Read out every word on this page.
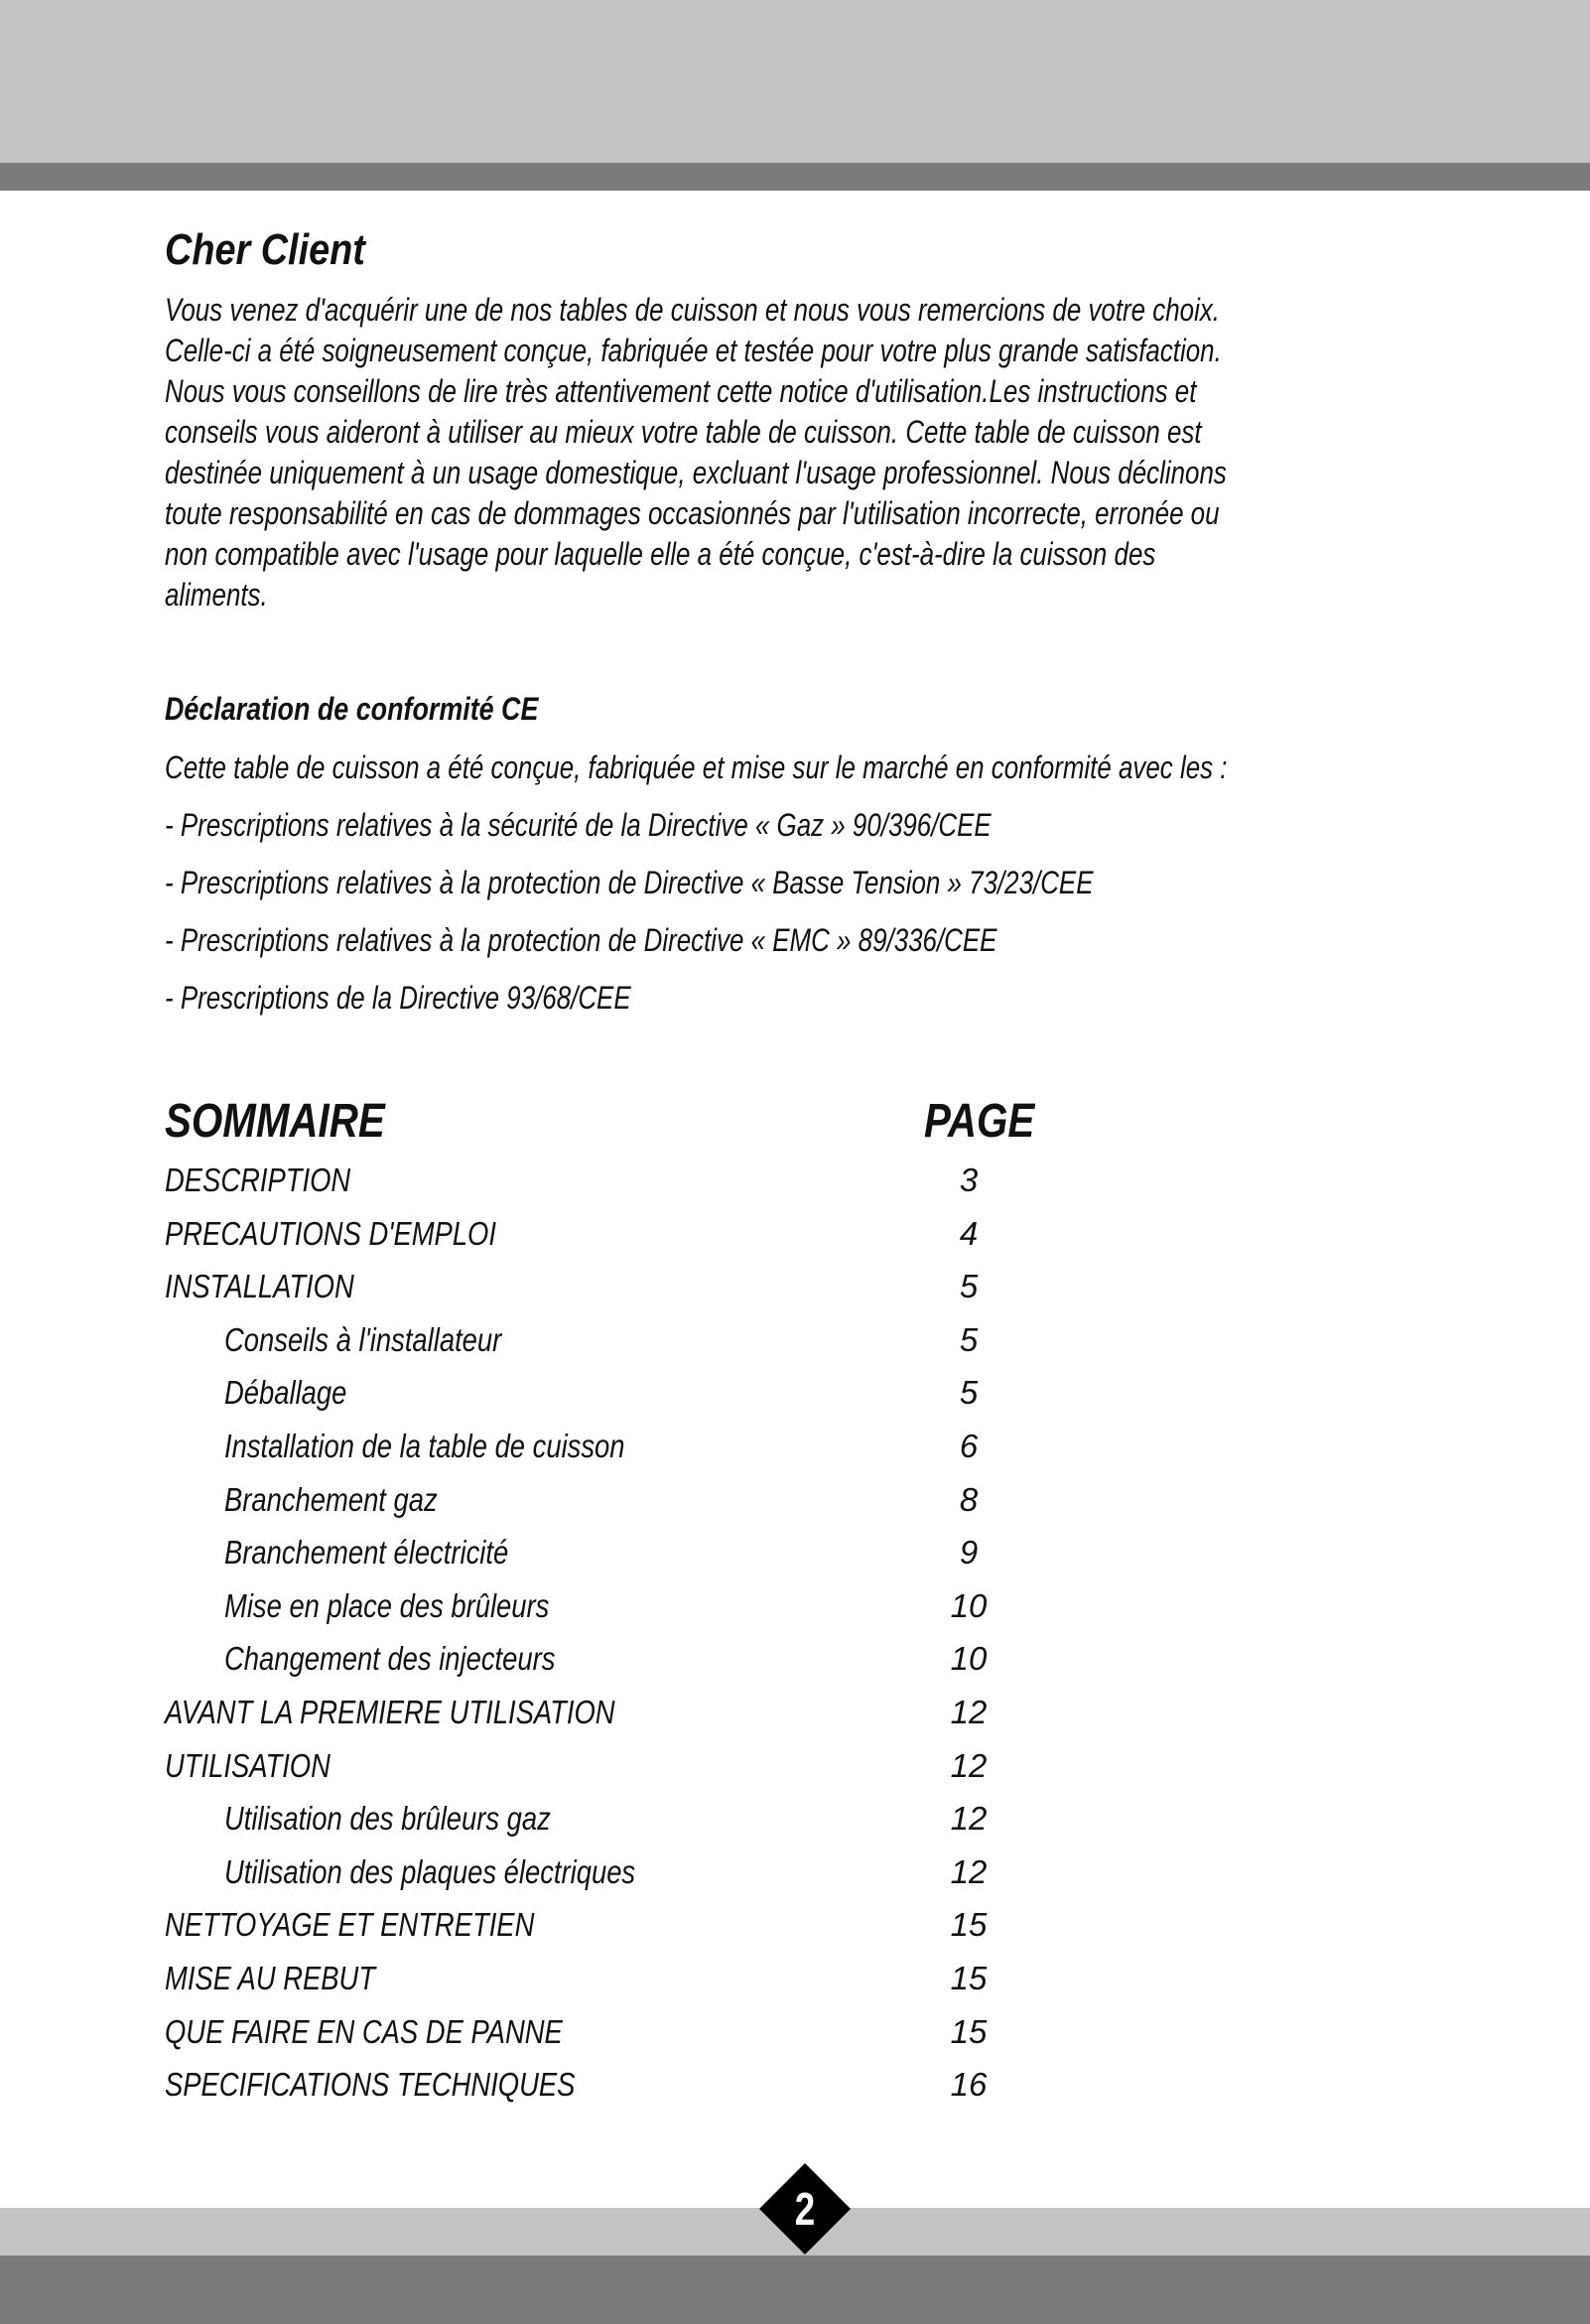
Cher Client
Vous venez d'acquérir une de nos tables de cuisson et nous vous remercions de votre choix.
Celle-ci a été soigneusement conçue, fabriquée et testée pour votre plus grande satisfaction.
Nous vous conseillons de lire très attentivement cette notice d'utilisation.Les instructions et
conseils vous aideront à utiliser au mieux votre table de cuisson. Cette table de cuisson est
destinée uniquement à un usage domestique, excluant l'usage professionnel. Nous déclinons
toute responsabilité en cas de dommages occasionnés par l'utilisation incorrecte, erronée ou
non compatible avec l'usage pour laquelle elle a été conçue, c'est-à-dire la cuisson des
aliments.
Déclaration de conformité CE
Cette table de cuisson a été conçue, fabriquée et mise sur le marché en conformité avec les :
- Prescriptions relatives à la sécurité de la Directive « Gaz » 90/396/CEE
- Prescriptions relatives à la protection de Directive « Basse Tension » 73/23/CEE
- Prescriptions relatives à la protection de Directive « EMC » 89/336/CEE
- Prescriptions de la Directive 93/68/CEE
SOMMAIRE	PAGE
DESCRIPTION	3
PRECAUTIONS D'EMPLOI	4
INSTALLATION	5
Conseils à l'installateur	5
Déballage	5
Installation de la table de cuisson	6
Branchement gaz	8
Branchement électricité	9
Mise en place des brûleurs	10
Changement des injecteurs	10
AVANT LA PREMIERE UTILISATION	12
UTILISATION	12
Utilisation des brûleurs gaz	12
Utilisation des plaques électriques	12
NETTOYAGE ET ENTRETIEN	15
MISE AU REBUT	15
QUE FAIRE EN CAS DE PANNE	15
SPECIFICATIONS TECHNIQUES	16
2
